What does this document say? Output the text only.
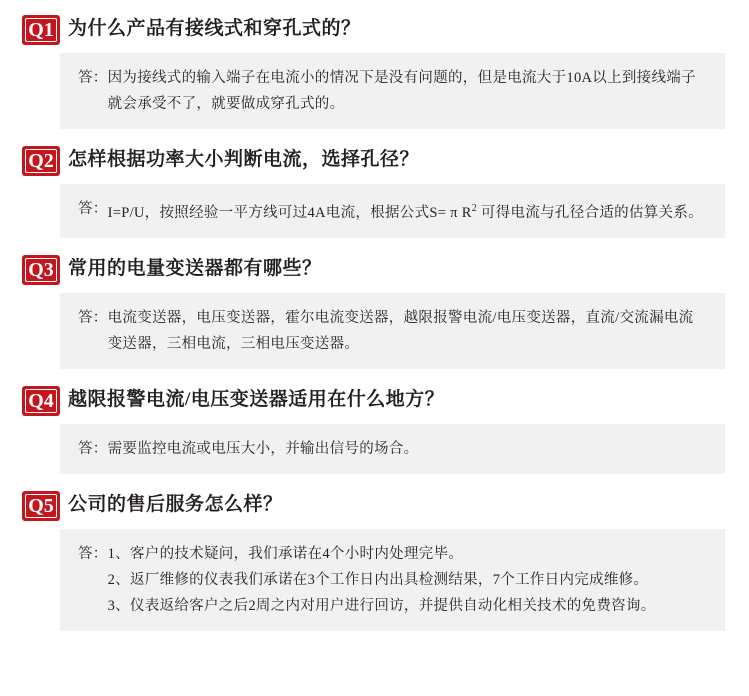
Q1 为什么产品有接线式和穿孔式的？
答： 因为接线式的输入端子在电流小的情况下是没有问题的，但是电流大于10A以上到接线端子就会承受不了，就要做成穿孔式的。
Q2 怎样根据功率大小判断电流，选择孔径？
答： I=P/U，按照经验一平方线可过4A电流，根据公式S= π $R^2$ 可得电流与孔径合适的估算关系。
Q3 常用的电量变送器都有哪些？
答： 电流变送器，电压变送器，霍尔电流变送器，越限报警电流/电压变送器，直流/交流漏电流变送器，三相电流，三相电压变送器。
Q4 越限报警电流/电压变送器适用在什么地方？
答： 需要监控电流或电压大小，并输出信号的场合。
Q5 公司的售后服务怎么样？
答： 1、 客户的技术疑问，我们承诺在4个小时内处理完毕。
2、 返厂维修的仪表我们承诺在3个工作日内出具检测结果，7个工作日内完成维修。
3、 仪表返给客户之后2周之内对用户进行回访，并提供自动化相关技术的免费咨询。
